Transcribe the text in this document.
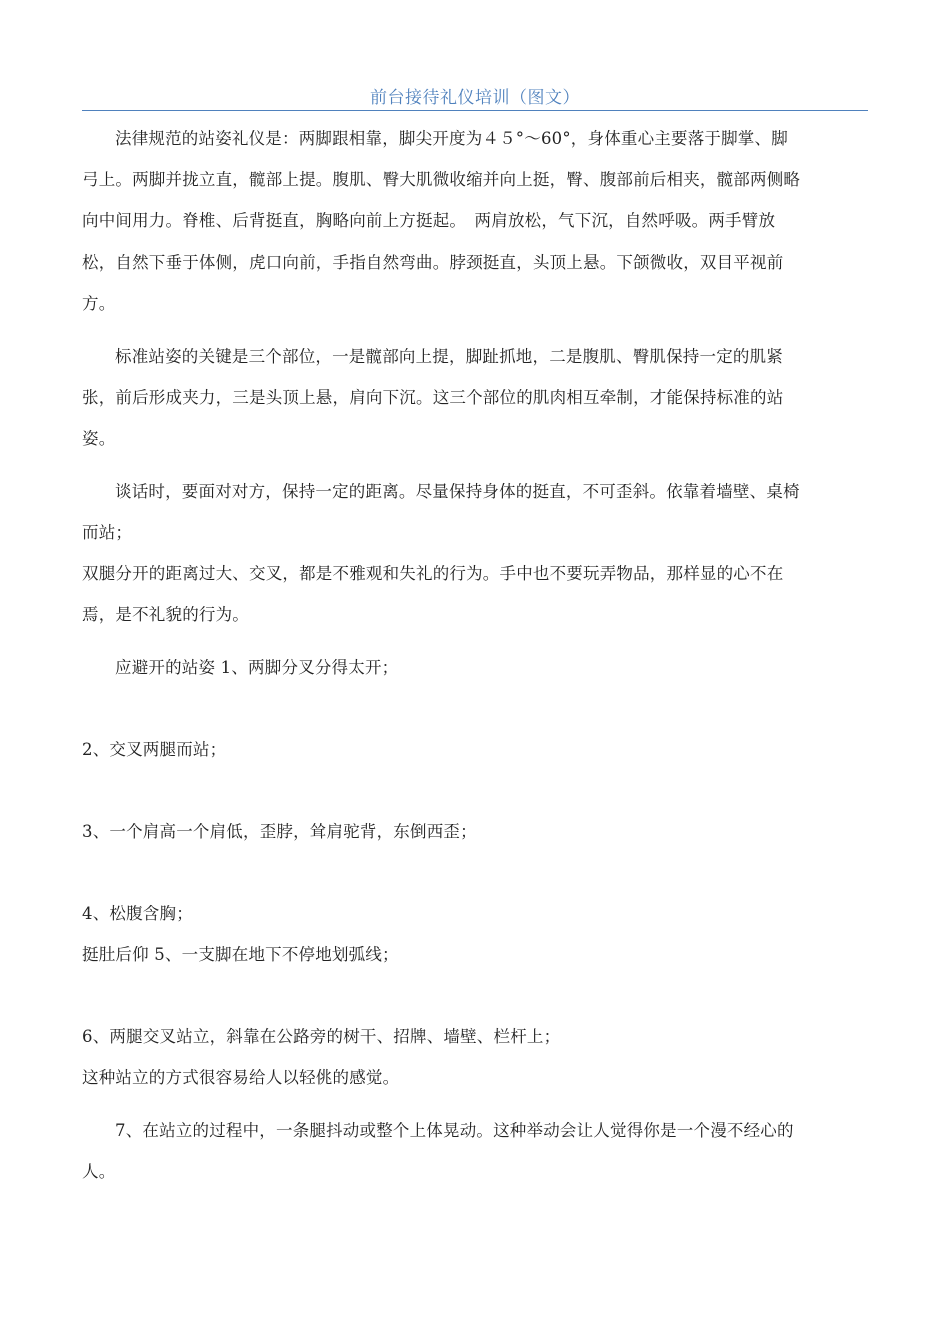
前台接待礼仪培训（图文）
法律规范的站姿礼仪是：两脚跟相靠，脚尖开度为４５°～60°，身体重心主要落于脚掌、脚
弓上。两脚并拢立直，髋部上提。腹肌、臀大肌微收缩并向上挺，臀、腹部前后相夹，髋部两侧略
向中间用力。脊椎、后背挺直，胸略向前上方挺起。　两肩放松，气下沉，自然呼吸。两手臂放
松，自然下垂于体侧，虎口向前，手指自然弯曲。脖颈挺直，头顶上悬。下颌微收，双目平视前
方。
标准站姿的关键是三个部位，一是髋部向上提，脚趾抓地，二是腹肌、臀肌保持一定的肌紧
张，前后形成夹力，三是头顶上悬，肩向下沉。这三个部位的肌肉相互牵制，才能保持标准的站
姿。
谈话时，要面对对方，保持一定的距离。尽量保持身体的挺直，不可歪斜。依靠着墙壁、桌椅
而站；
双腿分开的距离过大、交叉，都是不雅观和失礼的行为。手中也不要玩弄物品，那样显的心不在
焉，是不礼貌的行为。
应避开的站姿 1、两脚分叉分得太开；
2、交叉两腿而站；
3、一个肩高一个肩低，歪脖，耸肩驼背，东倒西歪；
4、松腹含胸；
挺肚后仰 5、一支脚在地下不停地划弧线；
6、两腿交叉站立，斜靠在公路旁的树干、招牌、墙壁、栏杆上；
这种站立的方式很容易给人以轻佻的感觉。
7、在站立的过程中，一条腿抖动或整个上体晃动。这种举动会让人觉得你是一个漫不经心的
人。
